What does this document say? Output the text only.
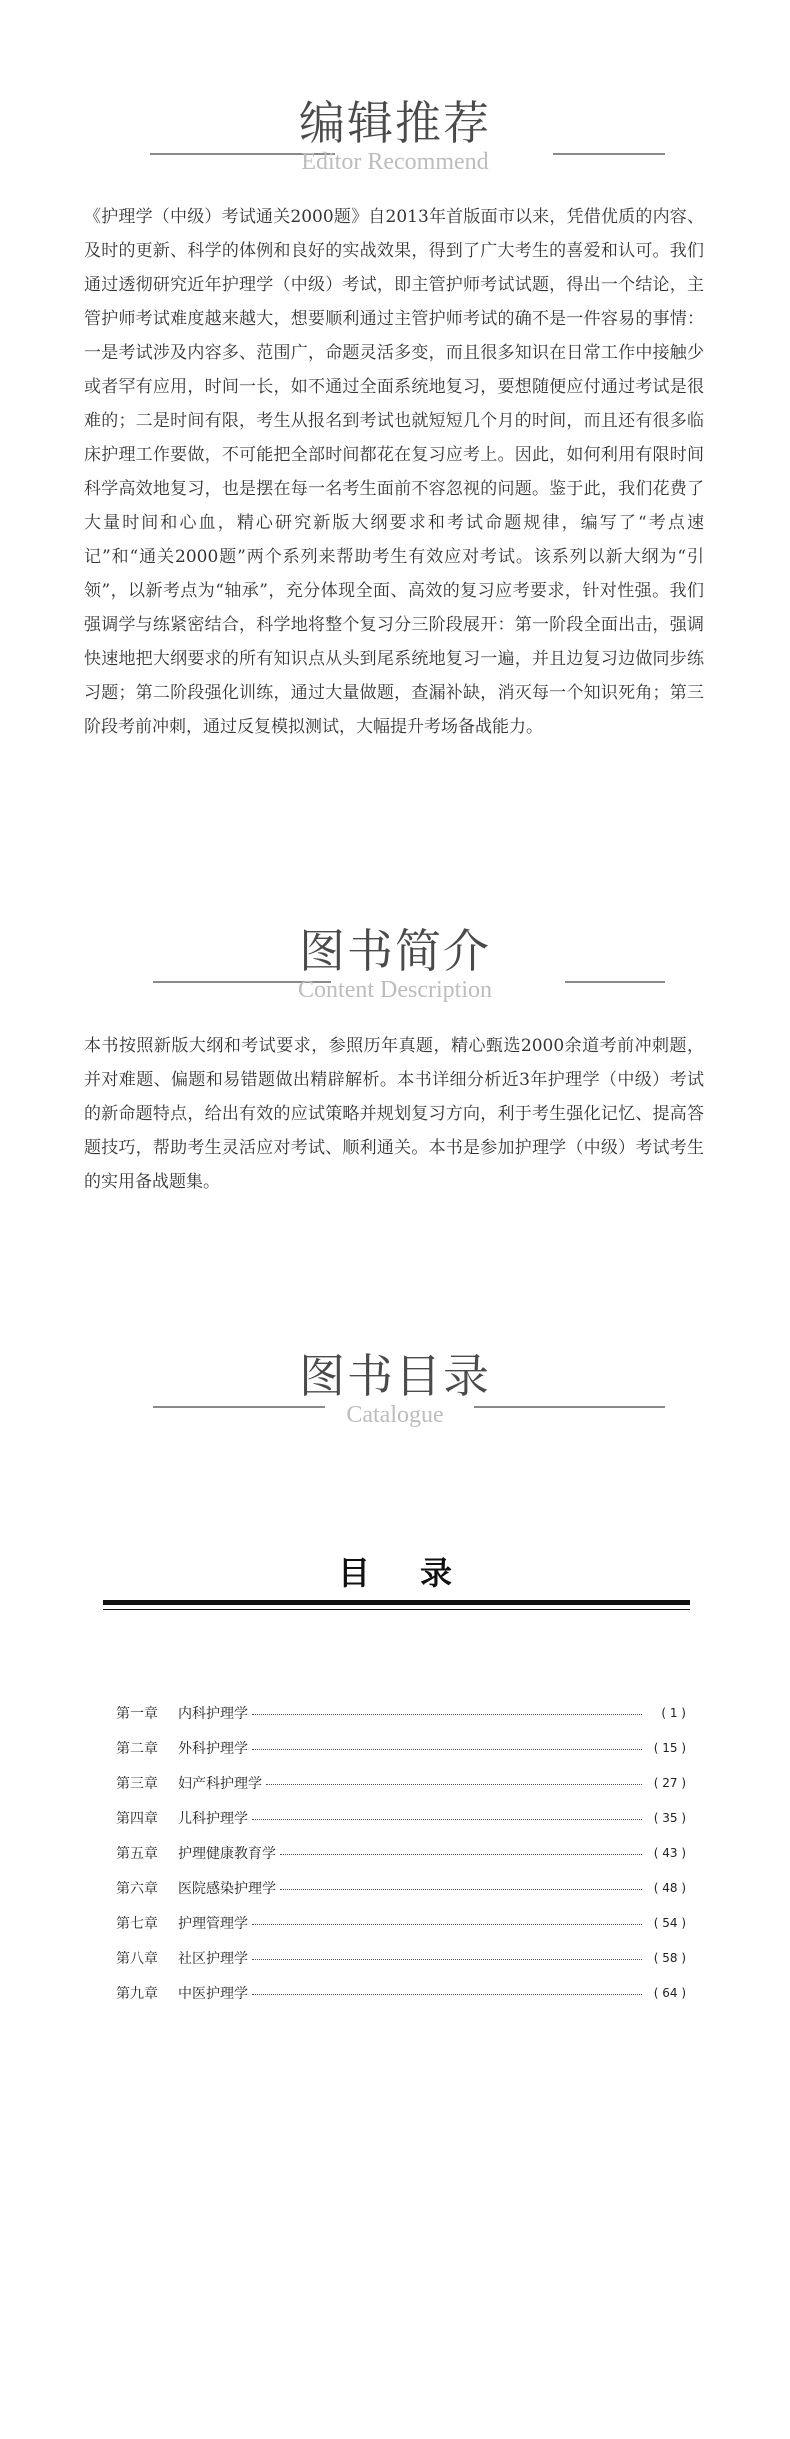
编辑推荐
Editor Recommend

《护理学（中级）考试通关2000题》自2013年首版面市以来，凭借优质的内容、及时的更新、科学的体例和良好的实战效果，得到了广大考生的喜爱和认可。我们通过透彻研究近年护理学（中级）考试，即主管护师考试试题，得出一个结论，主管护师考试难度越来越大，想要顺利通过主管护师考试的确不是一件容易的事情：一是考试涉及内容多、范围广，命题灵活多变，而且很多知识在日常工作中接触少或者罕有应用，时间一长，如不通过全面系统地复习，要想随便应付通过考试是很难的；二是时间有限，考生从报名到考试也就短短几个月的时间，而且还有很多临床护理工作要做，不可能把全部时间都花在复习应考上。因此，如何利用有限时间科学高效地复习，也是摆在每一名考生面前不容忽视的问题。鉴于此，我们花费了大量时间和心血，精心研究新版大纲要求和考试命题规律，编写了“考点速记”和“通关2000题”两个系列来帮助考生有效应对考试。该系列以新大纲为“引领”，以新考点为“轴承”，充分体现全面、高效的复习应考要求，针对性强。我们强调学与练紧密结合，科学地将整个复习分三阶段展开：第一阶段全面出击，强调快速地把大纲要求的所有知识点从头到尾系统地复习一遍，并且边复习边做同步练习题；第二阶段强化训练，通过大量做题，查漏补缺，消灭每一个知识死角；第三阶段考前冲刺，通过反复模拟测试，大幅提升考场备战能力。

图书简介
Content Description

本书按照新版大纲和考试要求，参照历年真题，精心甄选2000余道考前冲刺题，并对难题、偏题和易错题做出精辟解析。本书详细分析近3年护理学（中级）考试的新命题特点，给出有效的应试策略并规划复习方向，利于考生强化记忆、提高答题技巧，帮助考生灵活应对考试、顺利通关。本书是参加护理学（中级）考试考生的实用备战题集。

图书目录
Catalogue
目录
第一章	内科护理学	( 1 )
第二章	外科护理学	( 15 )
第三章	妇产科护理学	( 27 )
第四章	儿科护理学	( 35 )
第五章	护理健康教育学	( 43 )
第六章	医院感染护理学	( 48 )
第七章	护理管理学	( 54 )
第八章	社区护理学	( 58 )
第九章	中医护理学	( 64 )
